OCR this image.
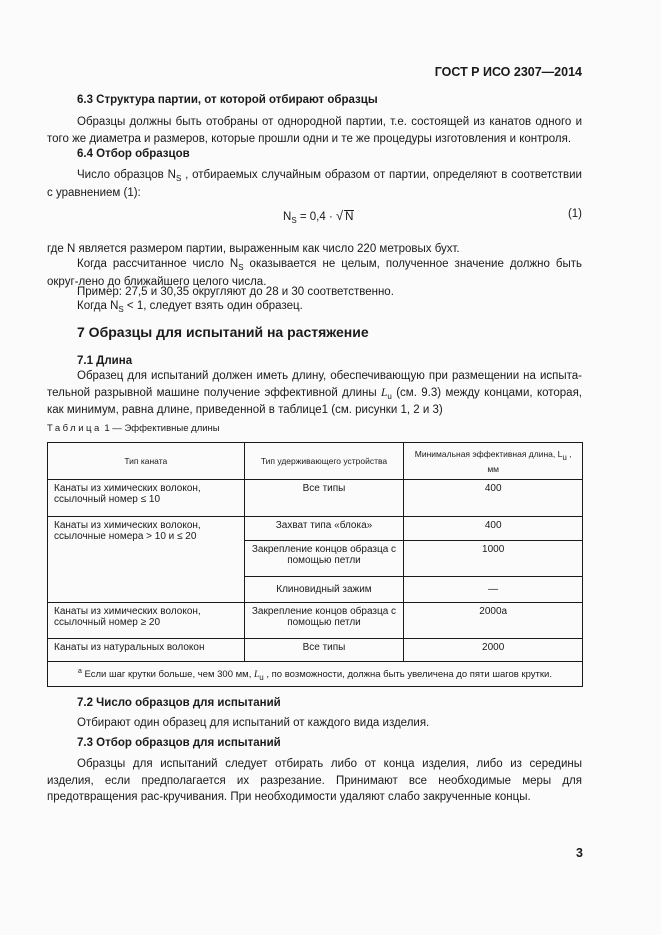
ГОСТ Р ИСО 2307—2014
6.3 Структура партии, от которой отбирают образцы
Образцы должны быть отобраны от однородной партии, т.е. состоящей из канатов одного и того же диаметра и размеров, которые прошли одни и те же процедуры изготовления и контроля.
6.4 Отбор образцов
Число образцов $N_S$ , отбираемых случайным образом от партии, определяют в соответствии с уравнением (1):
$N_S = 0,4$ · √ N	(1)
где N является размером партии, выраженным как число 220 метровых бухт.
Когда рассчитанное число $N_S$ оказывается не целым, полученное значение должно быть округ-лено до ближайшего целого числа.
Пример: 27,5 и 30,35 округляют до 28 и 30 соответственно.
Когда $N_S < 1$, следует взять один образец.
7 Образцы для испытаний на растяжение
7.1 Длина
Образец для испытаний должен иметь длину, обеспечивающую при размещении на испыта-тельной разрывной машине получение эффективной длины $L_u$ (см. 9.3) между концами, которая, как минимум, равна длине, приведенной в таблице1 (см. рисунки 1, 2 и 3)
Таблица 1 — Эффективные длины
Тип каната	Тип удерживающего устройства	Минимальная эффективная длина, Lu ,
мм
Канаты из химических волокон, ссылочный номер ≤ 10	Все типы	400
Канаты из химических волокон, ссылочные номера > 10 и ≤ 20	Захват типа «блока»	400
	Закрепление концов образца с помощью петли	1000
	Клиновидный зажим	—
Канаты из химических волокон, ссылочный номер ≥ 20	Закрепление концов образца с помощью петли	2000a
Канаты из натуральных волокон	Все типы	2000
$^a$ Если шаг крутки больше, чем 300 мм, $L_u$ , по возможности, должна быть увеличена до пяти шагов крутки.		
7.2 Число образцов для испытаний
Отбирают один образец для испытаний от каждого вида изделия.
7.3 Отбор образцов для испытаний
Образцы для испытаний следует отбирать либо от конца изделия, либо из середины изделия, если предполагается их разрезание. Принимают все необходимые меры для предотвращения рас-кручивания. При необходимости удаляют слабо закрученные концы.
3
